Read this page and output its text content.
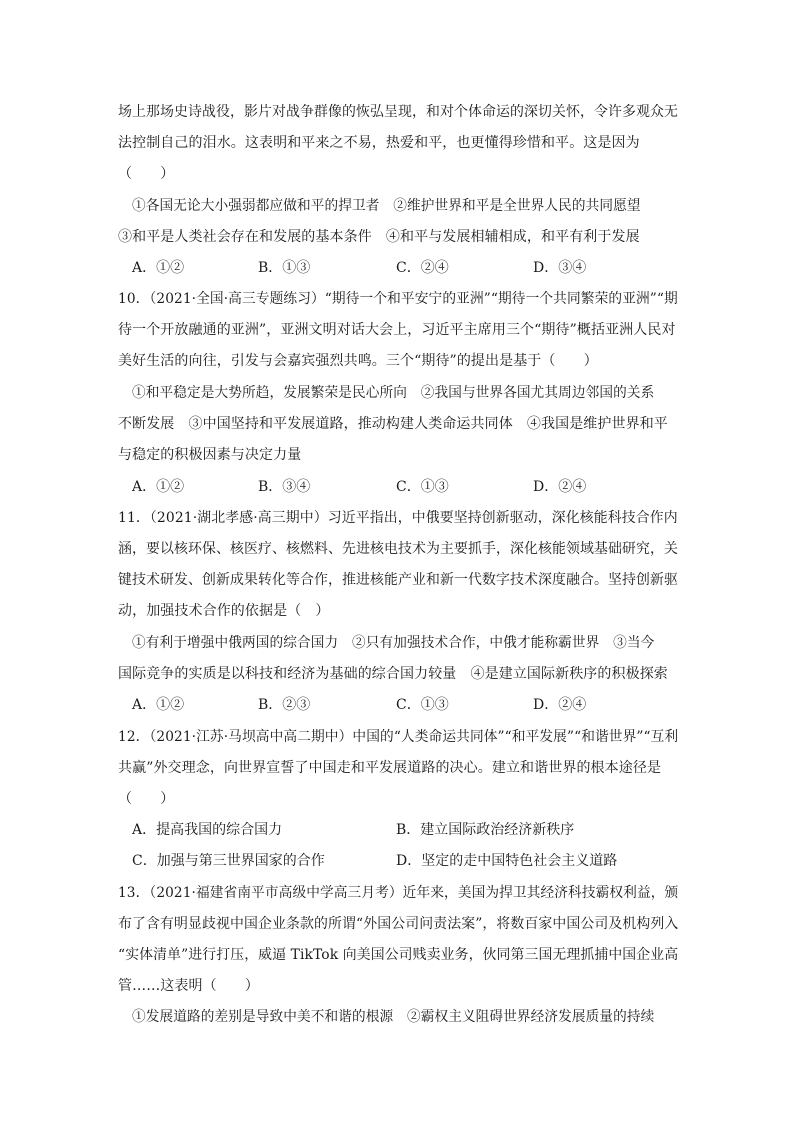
场上那场史诗战役，影片对战争群像的恢弘呈现，和对个体命运的深切关怀，令许多观众无
法控制自己的泪水。这表明和平来之不易，热爱和平，也更懂得珍惜和平。这是因为
（　　）
①各国无论大小强弱都应做和平的捍卫者　②维护世界和平是全世界人民的共同愿望
③和平是人类社会存在和发展的基本条件　④和平与发展相辅相成，和平有利于发展
A．①②	B．①③	C．②④	D．③④
10．（2021·全国·高三专题练习）“期待一个和平安宁的亚洲”“期待一个共同繁荣的亚洲”“期
待一个开放融通的亚洲”，亚洲文明对话大会上，习近平主席用三个“期待”概括亚洲人民对
美好生活的向往，引发与会嘉宾强烈共鸣。三个“期待”的提出是基于（　　）
①和平稳定是大势所趋，发展繁荣是民心所向　②我国与世界各国尤其周边邻国的关系
不断发展　③中国坚持和平发展道路，推动构建人类命运共同体　④我国是维护世界和平
与稳定的积极因素与决定力量
A．①②	B．③④	C．①③	D．②④
11．（2021·湖北孝感·高三期中）习近平指出，中俄要坚持创新驱动，深化核能科技合作内
涵，要以核环保、核医疗、核燃料、先进核电技术为主要抓手，深化核能领域基础研究，关
键技术研发、创新成果转化等合作，推进核能产业和新一代数字技术深度融合。坚持创新驱
动，加强技术合作的依据是（　）
①有利于增强中俄两国的综合国力　②只有加强技术合作，中俄才能称霸世界　③当今
国际竞争的实质是以科技和经济为基础的综合国力较量　④是建立国际新秩序的积极探索
A．①②	B．②③	C．①③	D．②④
12．（2021·江苏·马坝高中高二期中）中国的“人类命运共同体”“和平发展”“和谐世界”“互利
共赢”外交理念，向世界宣誓了中国走和平发展道路的决心。建立和谐世界的根本途径是
（　　）
A．提高我国的综合国力	B．建立国际政治经济新秩序
C．加强与第三世界国家的合作	D．坚定的走中国特色社会主义道路
13．（2021·福建省南平市高级中学高三月考）近年来，美国为捍卫其经济科技霸权利益，颁
布了含有明显歧视中国企业条款的所谓“外国公司问责法案”，将数百家中国公司及机构列入
“实体清单”进行打压，威逼 TikTok 向美国公司贱卖业务，伙同第三国无理抓捕中国企业高
管……这表明（　　）
①发展道路的差别是导致中美不和谐的根源　②霸权主义阻碍世界经济发展质量的持续
